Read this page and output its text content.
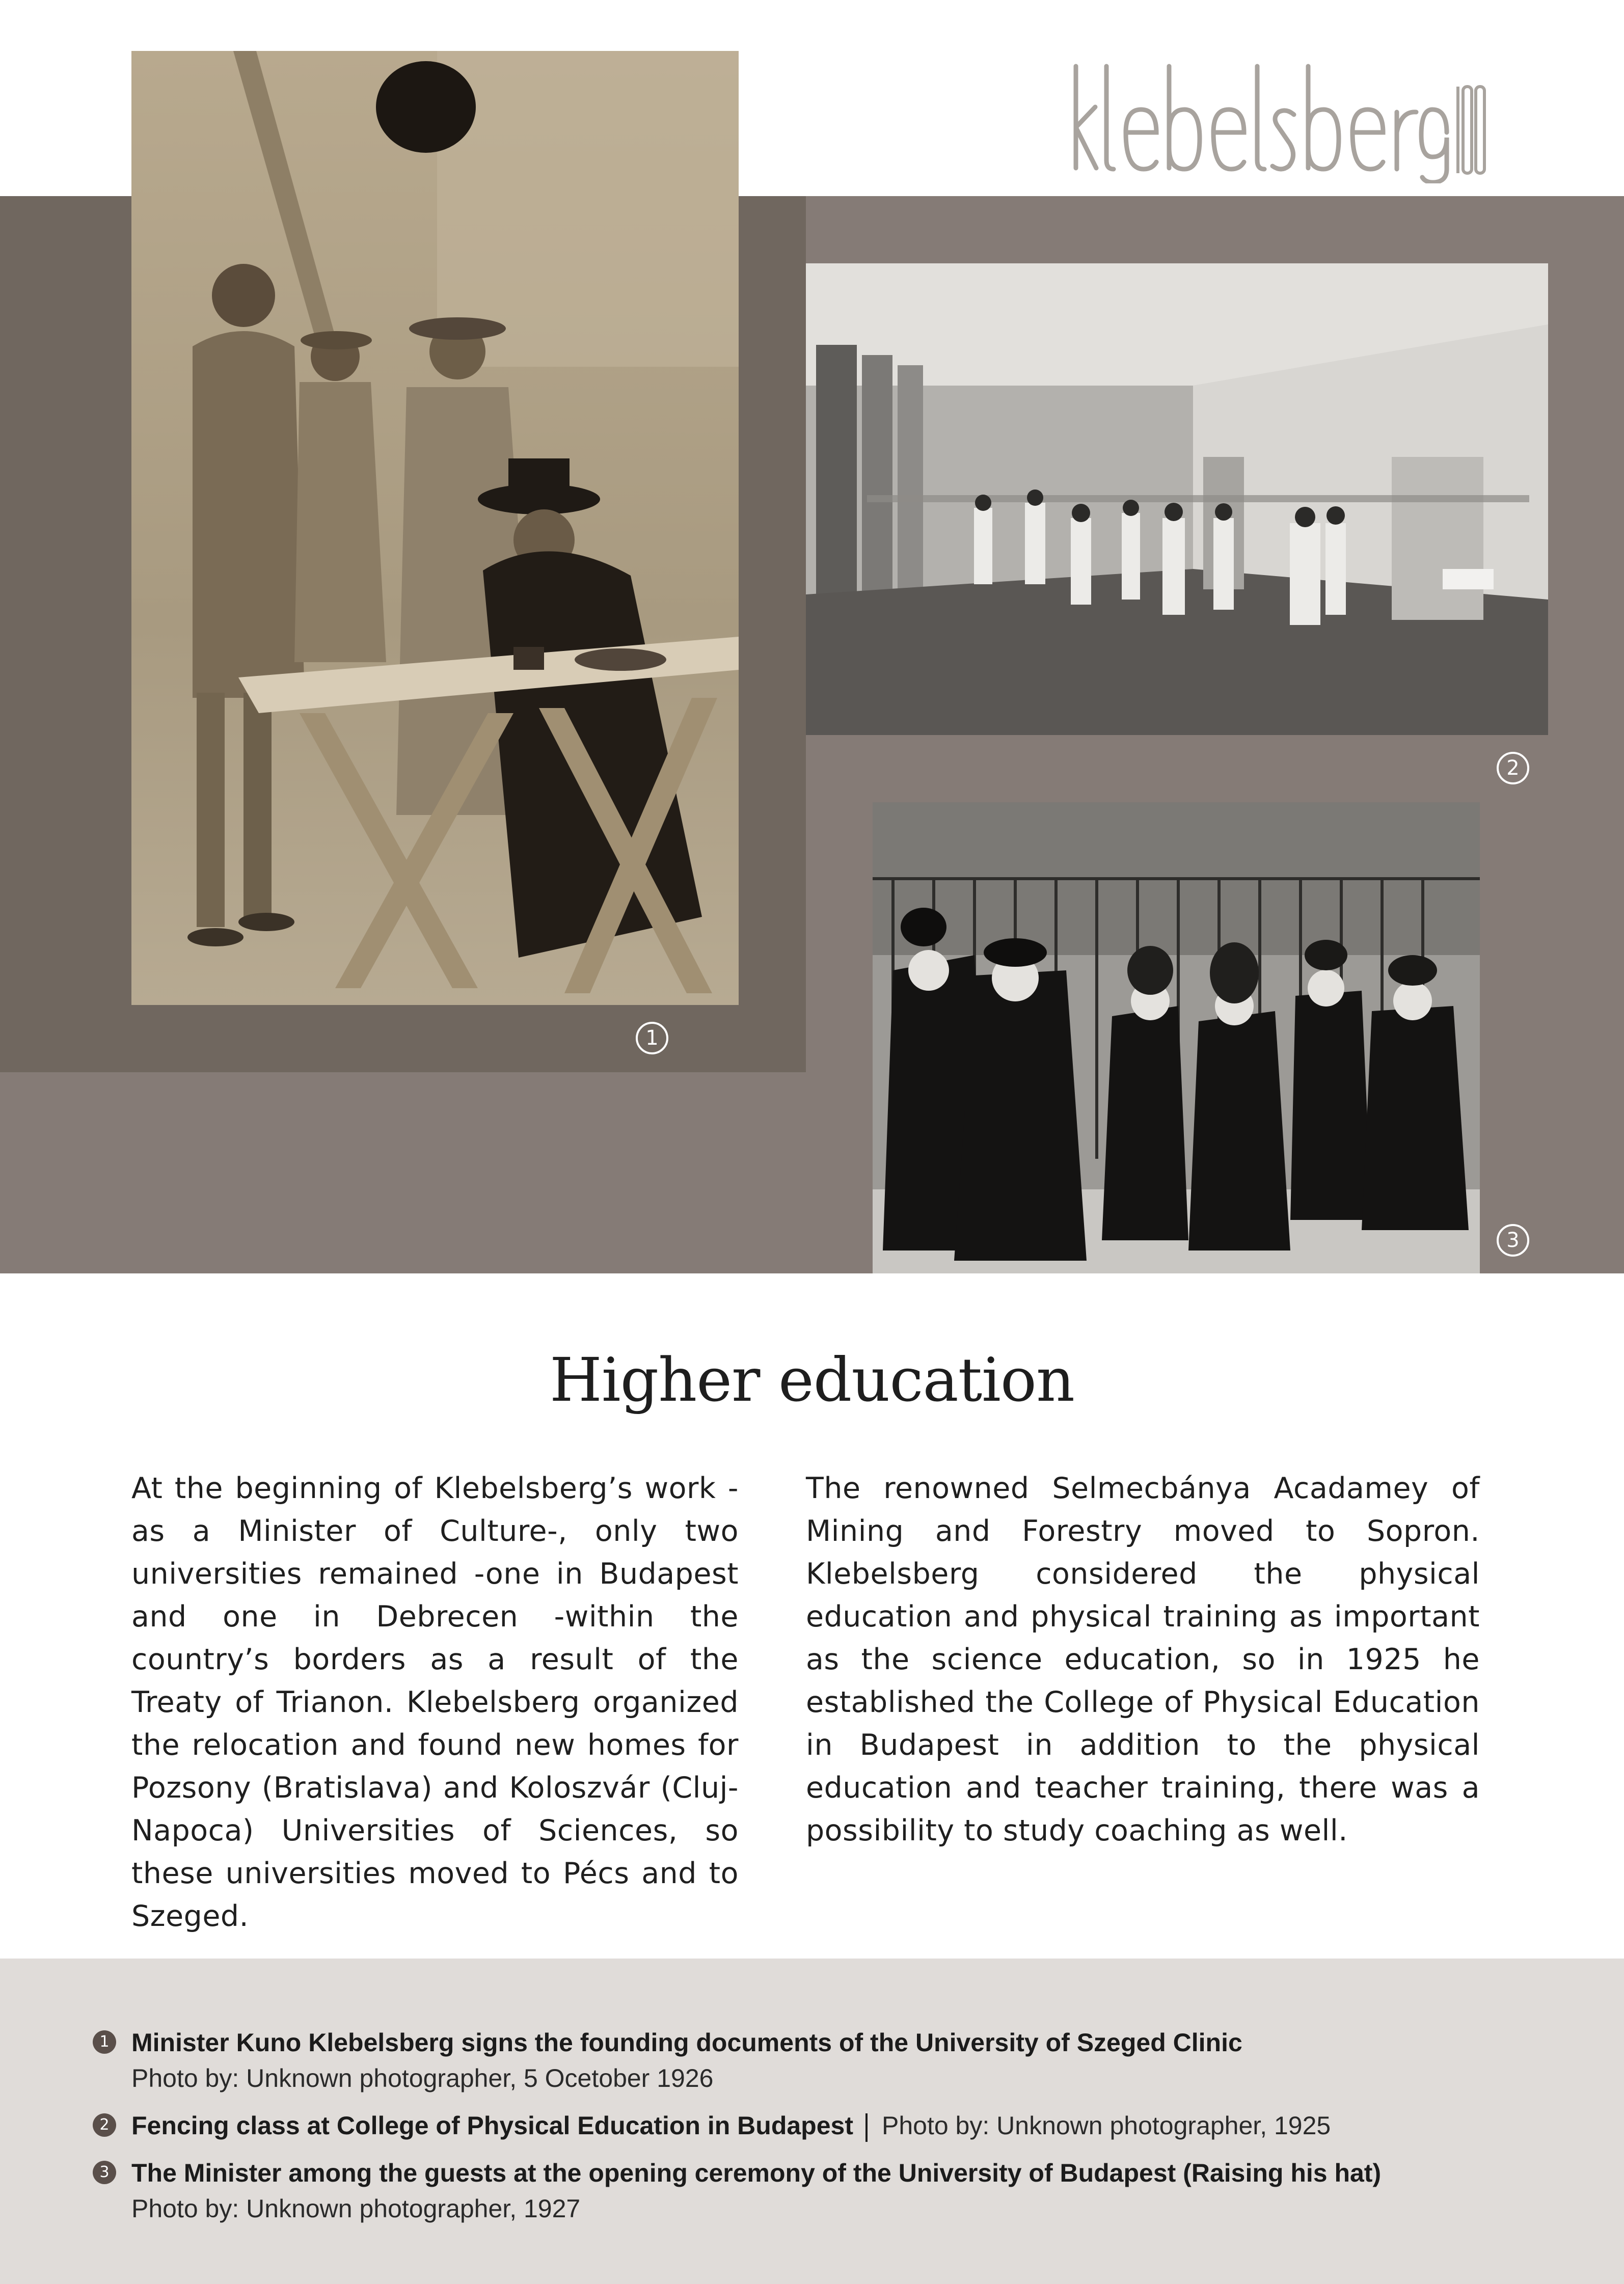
1
2
3
Higher education
At the beginning of Klebelsberg’s work -as a Minister of Culture-, only two universities remained -one in Budapest and one in Debrecen -within the country’s borders as a result of the Treaty of Trianon. Klebelsberg organized the relocation and found new homes for Pozsony (Bratislava) and Koloszvár (Cluj-Napoca) Universities of Sciences, so these universities moved to Pécs and to Szeged.
The renowned Selmecbánya Acadamey of Mining and Forestry moved to Sopron. Klebelsberg considered the physical education and physical training as important as the science education, so in 1925 he established the College of Physical Education in Budapest in addition to the physical education and teacher training, there was a possibility to study coaching as well.
1 Minister Kuno Klebelsberg signs the founding documents of the University of Szeged Clinic
Photo by: Unknown photographer, 5 Ocetober 1926
2 Fencing class at College of Physical Education in Budapest Photo by: Unknown photographer, 1925
3 The Minister among the guests at the opening ceremony of the University of Budapest (Raising his hat)
Photo by: Unknown photographer, 1927
